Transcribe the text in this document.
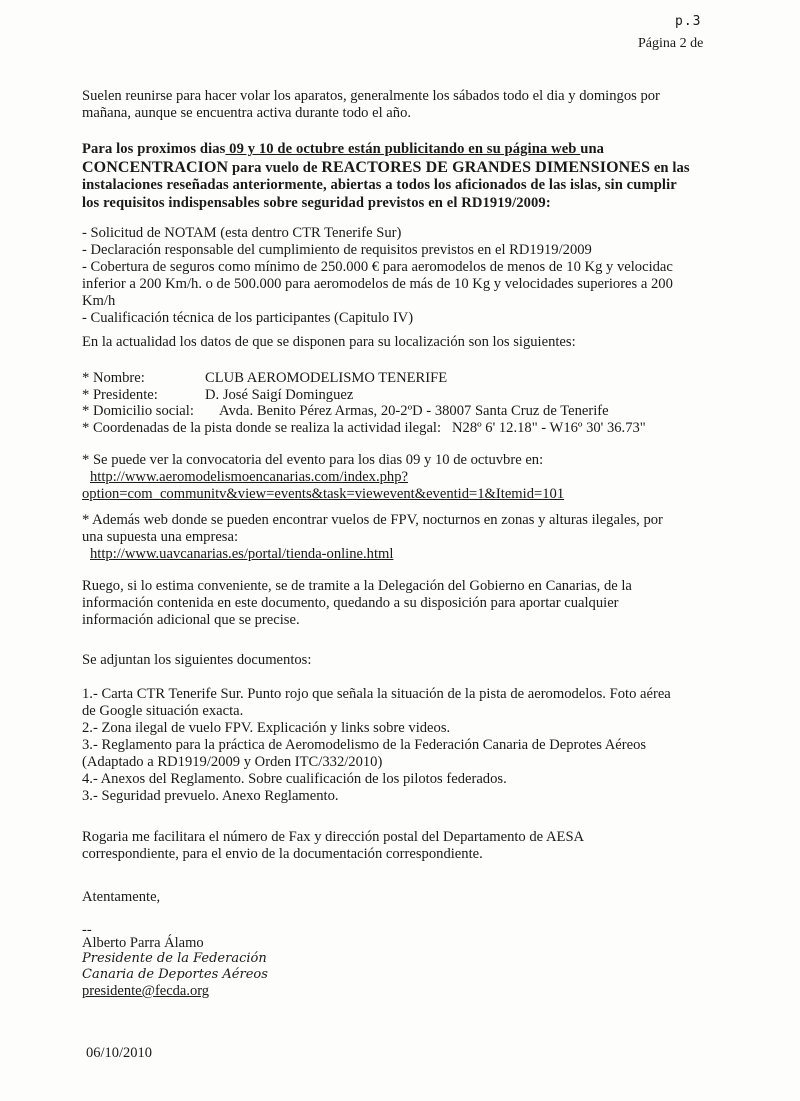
p.3
Página 2 de
Suelen reunirse para hacer volar los aparatos, generalmente los sábados todo el dia y domingos por
mañana, aunque se encuentra activa durante todo el año.
Para los proximos dias 09 y 10 de octubre están publicitando en su página web una
CONCENTRACION para vuelo de REACTORES DE GRANDES DIMENSIONES en las
instalaciones reseñadas anteriormente, abiertas a todos los aficionados de las islas, sin cumplir
los requisitos indispensables sobre seguridad previstos en el RD1919/2009:
- Solicitud de NOTAM (esta dentro CTR Tenerife Sur)
- Declaración responsable del cumplimiento de requisitos previstos en el RD1919/2009
- Cobertura de seguros como mínimo de 250.000 € para aeromodelos de menos de 10 Kg y velocidac
inferior a 200 Km/h. o de 500.000 para aeromodelos de más de 10 Kg y velocidades superiores a 200
Km/h
- Cualificación técnica de los participantes (Capitulo IV)
En la actualidad los datos de que se disponen para su localización son los siguientes:
* Nombre:	CLUB AEROMODELISMO TENERIFE
* Presidente:	D. José Saigí Dominguez
* Domicilio social: Avda. Benito Pérez Armas, 20-2ºD - 38007 Santa Cruz de Tenerife
* Coordenadas de la pista donde se realiza la actividad ilegal: N28º 6' 12.18" - W16º 30' 36.73"
* Se puede ver la convocatoria del evento para los dias 09 y 10 de octuvbre en:
http://www.aeromodelismoencanarias.com/index.php?
option=com_communitv&view=events&task=viewevent&eventid=1&Itemid=101
* Además web donde se pueden encontrar vuelos de FPV, nocturnos en zonas y alturas ilegales, por
una supuesta una empresa:
http://www.uavcanarias.es/portal/tienda-online.html
Ruego, si lo estima conveniente, se de tramite a la Delegación del Gobierno en Canarias, de la
información contenida en este documento, quedando a su disposición para aportar cualquier
información adicional que se precise.
Se adjuntan los siguientes documentos:
1.- Carta CTR Tenerife Sur. Punto rojo que señala la situación de la pista de aeromodelos. Foto aérea
de Google situación exacta.
2.- Zona ilegal de vuelo FPV. Explicación y links sobre videos.
3.- Reglamento para la práctica de Aeromodelismo de la Federación Canaria de Deprotes Aéreos
(Adaptado a RD1919/2009 y Orden ITC/332/2010)
4.- Anexos del Reglamento. Sobre cualificación de los pilotos federados.
3.- Seguridad prevuelo. Anexo Reglamento.
Rogaria me facilitara el número de Fax y dirección postal del Departamento de AESA
correspondiente, para el envio de la documentación correspondiente.
Atentamente,
--
Alberto Parra Álamo
Presidente de la Federación
Canaria de Deportes Aéreos
presidente@fecda.org
06/10/2010
